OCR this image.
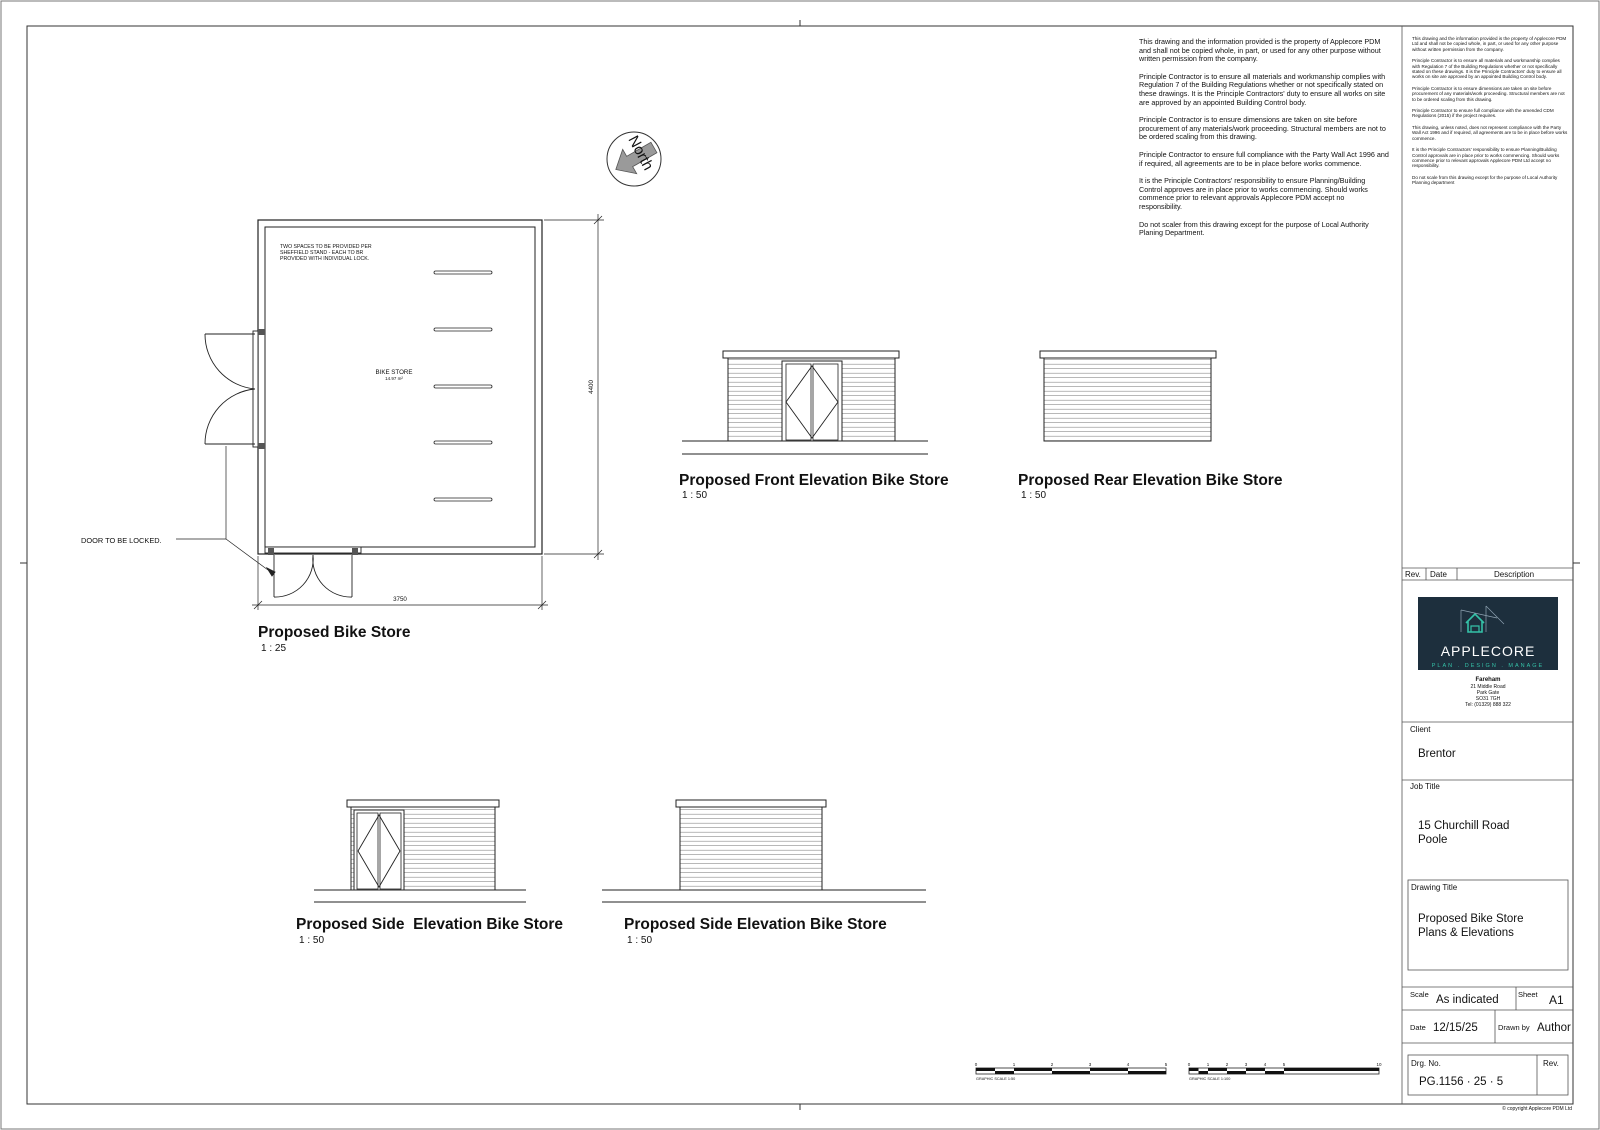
Rev. Date	Description
APPLECORE
PLAN . DESIGN . MANAGE
Fareham
21 Middle Road
Park Gate
SO31 7GH
Tel: (01329) 888 322
Client
Brentor
Job Title
15 Churchill Road
Poole
Drawing Title
Proposed Bike Store
Plans & Elevations
Scale As indicated	Sheet A1
Date 12/15/25	Drawn by Author
Drg. No.
PG.1156 · 25 · 5
Rev.
© copyright Applecore PDM Ltd
North
TWO SPACES TO BE PROVIDED PER
SHEFFIELD STAND - EACH TO BR
PROVIDED WITH INDIVIDUAL LOCK.
BIKE STORE
14.97 m²
DOOR TO BE LOCKED.
3750
4400
Proposed Bike Store
1 : 25
Proposed Front Elevation Bike Store
1 : 50
Proposed Rear Elevation Bike Store
1 : 50
Proposed Side  Elevation Bike Store
1 : 50
Proposed Side Elevation Bike Store
1 : 50
0	1	2	3	4	5
GRAPHIC SCALE 1:50
0	1	2	3	4	5	10
GRAPHIC SCALE 1:100

This drawing and the information provided is the property of Applecore PDM and shall not be copied whole, in part, or used for any other purpose without written permission from the company.

Principle Contractor is to ensure all materials and workmanship complies with Regulation 7 of the Building Regulations whether or not specifically stated on these drawings. It is the Principle Contractors' duty to ensure all works on site are approved by an appointed Building Control body.

Principle Contractor is to ensure dimensions are taken on site before procurement of any materials/work proceeding. Structural members are not to be ordered scaling from this drawing.

Principle Contractor to ensure full compliance with the Party Wall Act 1996 and if required, all agreements are to be in place before works commence.

It is the Principle Contractors' responsibility to ensure Planning/Building Control approves are in place prior to works commencing. Should works commence prior to relevant approvals Applecore PDM accept no responsibility.

Do not scaler from this drawing except for the purpose of Local Authority Planing Department.

This drawing and the information provided is the property of Applecore PDM Ltd and shall not be copied whole, in part, or used for any other purpose without written permission from the company.

Principle Contractor is to ensure all materials and workmanship complies with Regulation 7 of the Building Regulations whether or not specifically stated on these drawings. It is the Principle Contractors' duty to ensure all works on site are approved by an appointed Building Control body.

Principle Contractor is to ensure dimensions are taken on site before procurement of any materials/work proceeding. Structural members are not to be ordered scaling from this drawing.

Principle Contractor to ensure full compliance with the amended CDM Regulations (2015) if the project requires.

This drawing, unless noted, does not represent compliance with the Party Wall Act 1996 and if required, all agreements are to be in place before works commence.

It is the Principle Contractors' responsibility to ensure Planning/Building Control approvals are in place prior to works commencing. Should works commence prior to relevant approvals Applecore PDM Ltd accept no responsibility.

Do not scale from this drawing except for the purpose of Local Authority Planning department
